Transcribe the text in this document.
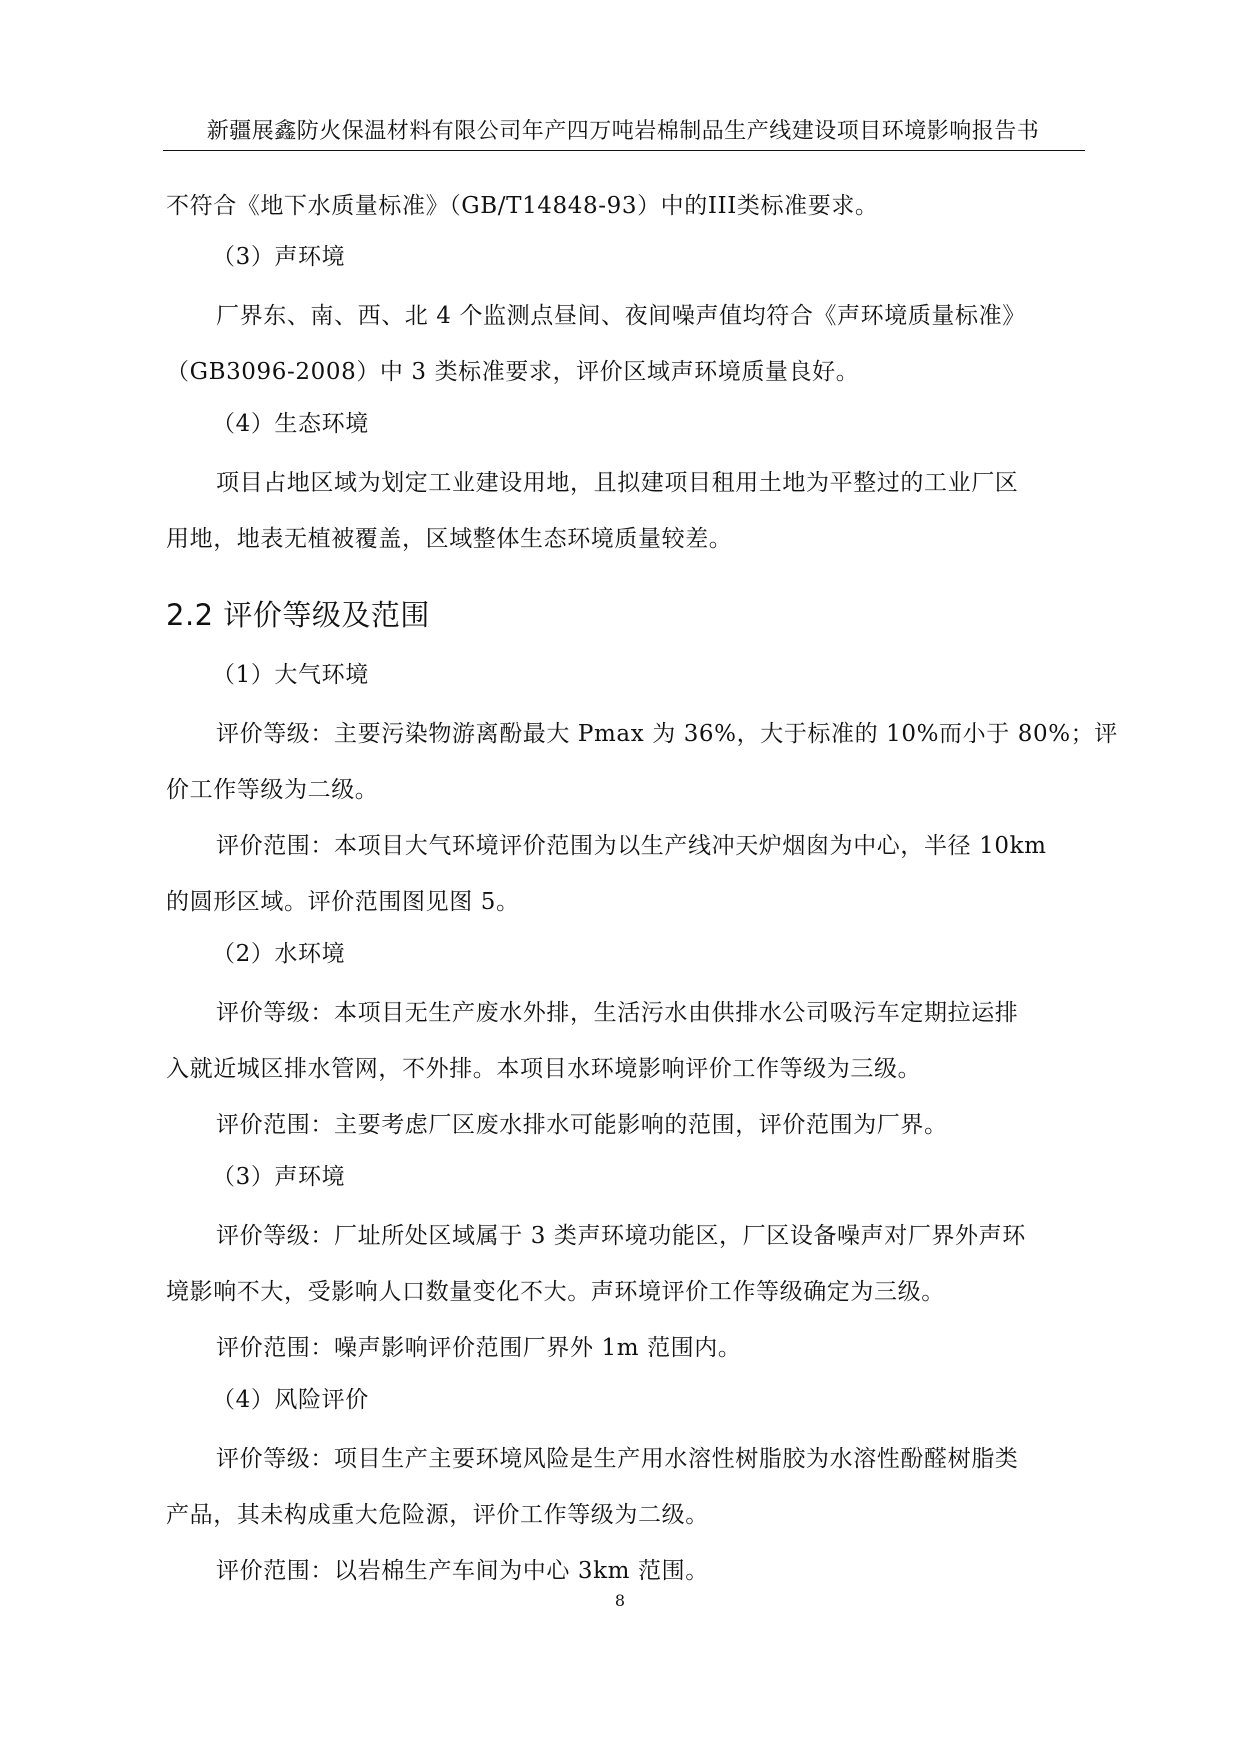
新疆展鑫防火保温材料有限公司年产四万吨岩棉制品生产线建设项目环境影响报告书
不符合《地下水质量标准》（GB/T14848-93）中的III类标准要求。
（3）声环境
厂界东、南、西、北 4 个监测点昼间、夜间噪声值均符合《声环境质量标准》
（GB3096-2008）中 3 类标准要求，评价区域声环境质量良好。
（4）生态环境
项目占地区域为划定工业建设用地，且拟建项目租用土地为平整过的工业厂区
用地，地表无植被覆盖，区域整体生态环境质量较差。
2.2 评价等级及范围
（1）大气环境
评价等级：主要污染物游离酚最大 Pmax 为 36%，大于标准的 10%而小于 80%；评
价工作等级为二级。
评价范围：本项目大气环境评价范围为以生产线冲天炉烟囱为中心，半径 10km
的圆形区域。评价范围图见图 5。
（2）水环境
评价等级：本项目无生产废水外排，生活污水由供排水公司吸污车定期拉运排
入就近城区排水管网，不外排。本项目水环境影响评价工作等级为三级。
评价范围：主要考虑厂区废水排水可能影响的范围，评价范围为厂界。
（3）声环境
评价等级：厂址所处区域属于 3 类声环境功能区，厂区设备噪声对厂界外声环
境影响不大，受影响人口数量变化不大。声环境评价工作等级确定为三级。
评价范围：噪声影响评价范围厂界外 1m 范围内。
（4）风险评价
评价等级：项目生产主要环境风险是生产用水溶性树脂胶为水溶性酚醛树脂类
产品，其未构成重大危险源，评价工作等级为二级。
评价范围：以岩棉生产车间为中心 3km 范围。
8
